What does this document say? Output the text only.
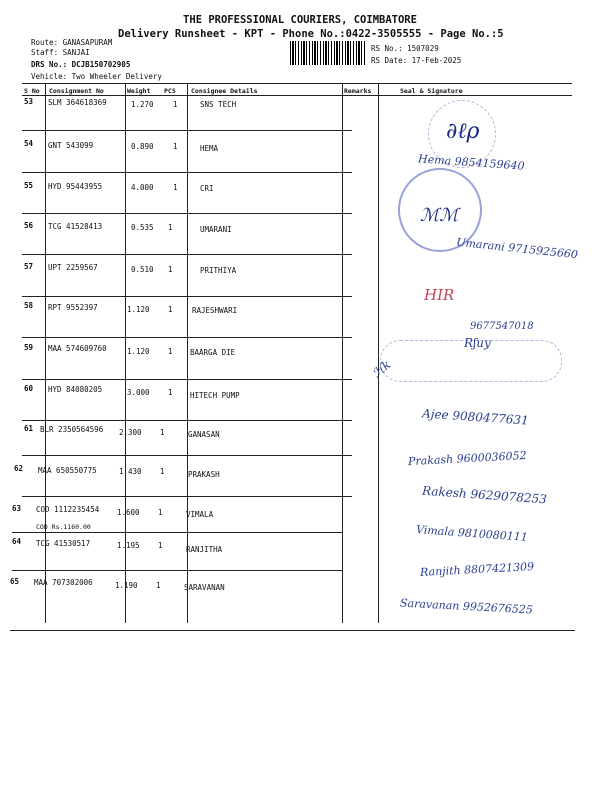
THE PROFESSIONAL COURIERS, COIMBATORE
Delivery Runsheet - KPT - Phone No.:0422-3505555 - Page No.:5
Route: GANASAPURAM
Staff: SANJAI
DRS No.: DCJB150702905
Vehicle: Two Wheeler Delivery
RS No.: 1507029
RS Date: 17-Feb-2025
S No Consignment No	Weight PCS Consignee Details	Remarks	Seal & Signature
53 SLM 364618369	1.270	1	SNS TECH
54 GNT 543099	0.890	1	HEMA
55 HYD 95443955	4.000	1	CRI
56 TCG 41528413	0.535 1	UMARANI
57 UPT 2259567	0.510 1	PRITHIYA
58 RPT 9552397	1.120 1	RAJESHWARI
59 MAA 574609760	1.120 1 BAARGA DIE
60 HYD 84080205	3.000 1 HITECH PUMP
61 BLR 2350564596 2.300 1	GANASAN
62 MAA 650550775	1.430 1	PRAKASH
63 COD 1112235454 1.600 1	VIMALA
COD Rs.1160.00
64 TCG 41530517	1.195 1	RANJITHA
65 MAA 707302006	1.190 1	SARAVANAN
∂ℓρ
Hema 9854159640
ℳℳ
Umarani 9715925660
HIR
9677547018
Rʃuy
ℋk
Ajee 9080477631
Prakash 9600036052
Rakesh 9629078253
Vimala 9810080111
Ranjith 8807421309
Saravanan 9952676525
